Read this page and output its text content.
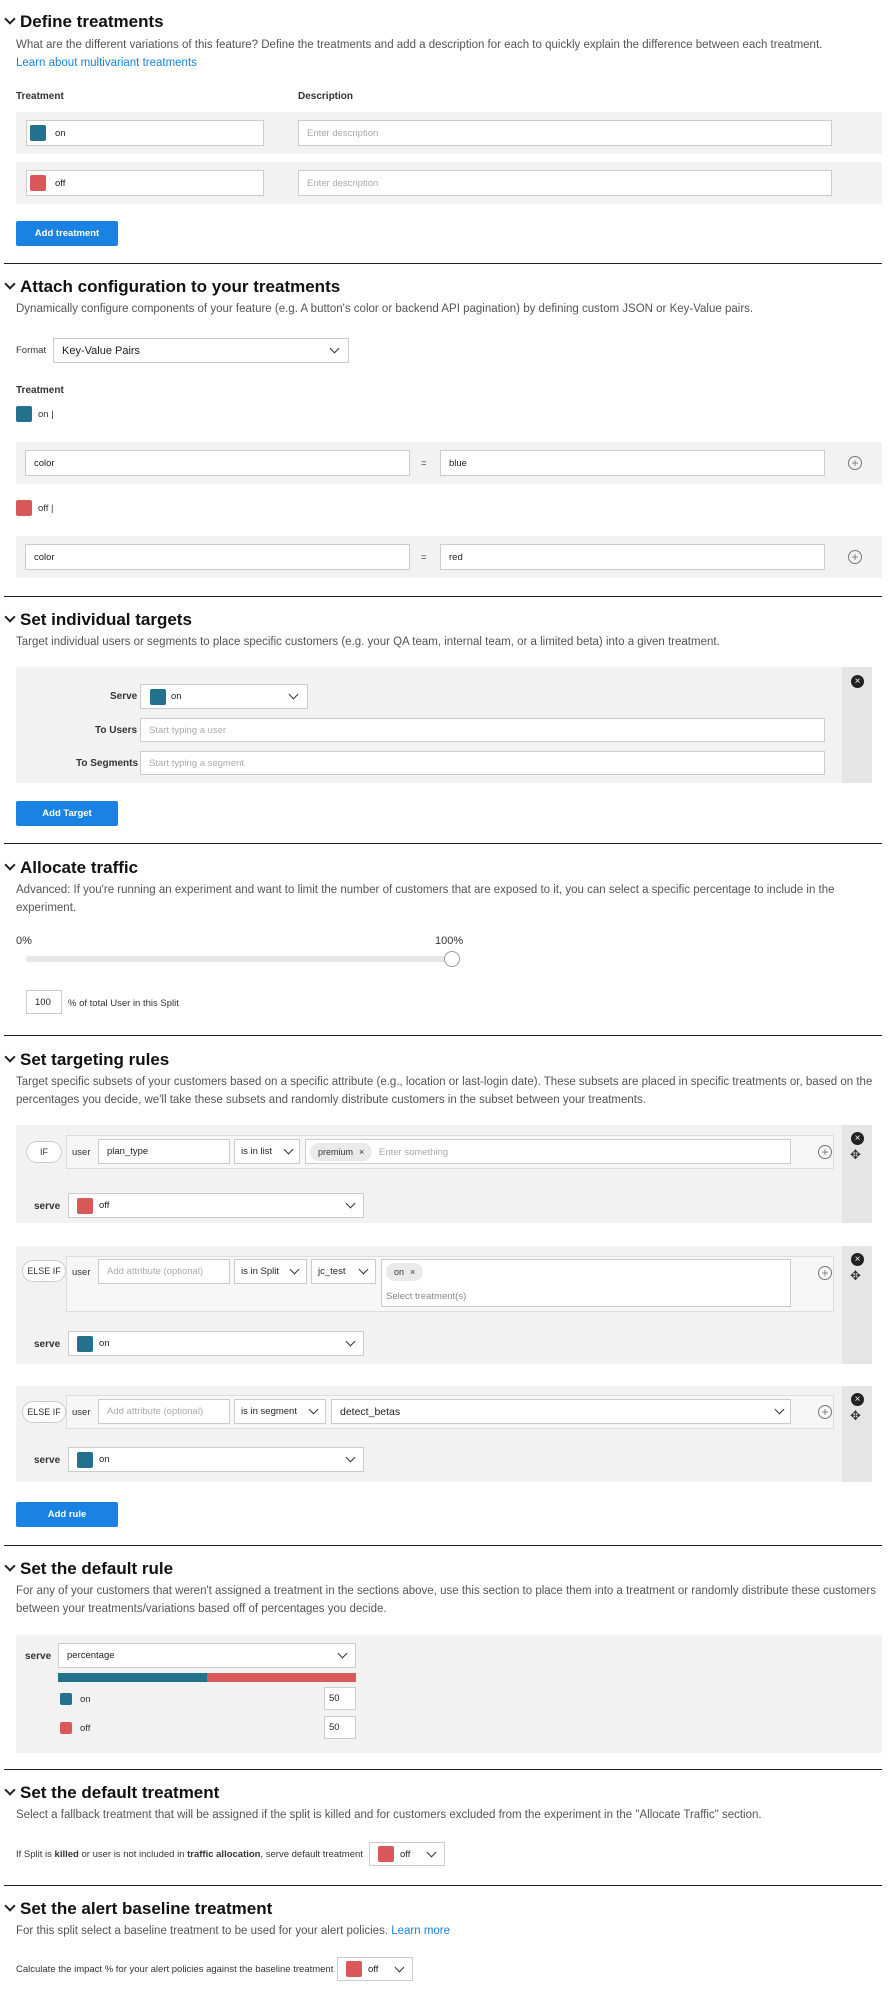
Define treatments
What are the different variations of this feature? Define the treatments and add a description for each to quickly explain the difference between each treatment.
Learn about multivariant treatments
Treatment	Description
on	Enter description
off	Enter description
Add treatment
Attach configuration to your treatments
Dynamically configure components of your feature (e.g. A button's color or backend API pagination) by defining custom JSON or Key-Value pairs.
Format	Key-Value Pairs
Treatment
on |
color	=	blue	+
off |
color	=	red	+
Set individual targets
Target individual users or segments to place specific customers (e.g. your QA team, internal team, or a limited beta) into a given treatment.
×
Serve	on
To Users	Start typing a user
To Segments	Start typing a segment
Add Target
Allocate traffic
Advanced: If you're running an experiment and want to limit the number of customers that are exposed to it, you can select a specific percentage to include in the
experiment.
0%	100%
100	% of total User in this Split
Set targeting rules
Target specific subsets of your customers based on a specific attribute (e.g., location or last-login date). These subsets are placed in specific treatments or, based on the
percentages you decide, we'll take these subsets and randomly distribute customers in the subset between your treatments.
×
✥
IF	user	plan_type	is in list	premium × Enter something	+
serve	off
×
✥
ELSE IF	user	Add attribute (optional)	is in Split	jc_test	on ×
Select treatment(s)
+
serve	on
×
✥
ELSE IF	user	Add attribute (optional)	is in segment	detect_betas	+
serve	on
Add rule
Set the default rule
For any of your customers that weren't assigned a treatment in the sections above, use this section to place them into a treatment or randomly distribute these customers
between your treatments/variations based off of percentages you decide.
serve	percentage
on	50
off	50
Set the default treatment
Select a fallback treatment that will be assigned if the split is killed and for customers excluded from the experiment in the "Allocate Traffic" section.
If Split is killed or user is not included in traffic allocation, serve default treatment	off
Set the alert baseline treatment
For this split select a baseline treatment to be used for your alert policies. Learn more
Calculate the impact % for your alert policies against the baseline treatment	off
